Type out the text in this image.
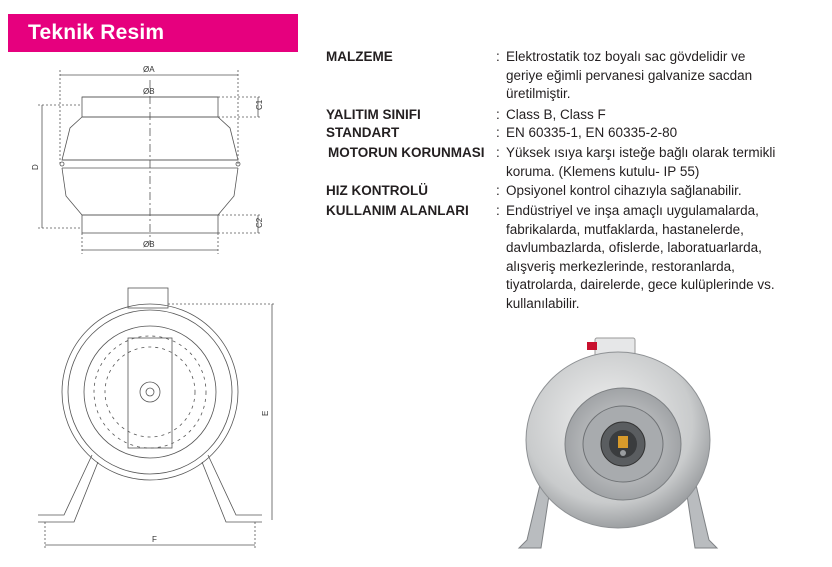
Teknik Resim
ØA
ØB
ØB
C1
C2
D
E
F
MALZEME	: Elektrostatik toz boyalı sac gövdelidir ve
geriye eğimli pervanesi galvanize sacdan
üretilmiştir.
YALITIM SINIFI	: Class B, Class F
STANDART	: EN 60335-1, EN 60335-2-80
MOTORUN KORUNMASI : Yüksek ısıya karşı isteğe bağlı olarak termikli
koruma. (Klemens kutulu- IP 55)
HIZ KONTROLÜ	: Opsiyonel kontrol cihazıyla sağlanabilir.
KULLANIM ALANLARI : Endüstriyel ve inşa amaçlı uygulamalarda,
fabrikalarda, mutfaklarda, hastanelerde,
davlumbazlarda, ofislerde, laboratuarlarda,
alışveriş merkezlerinde, restoranlarda,
tiyatrolarda, dairelerde, gece kulüplerinde vs.
kullanılabilir.
